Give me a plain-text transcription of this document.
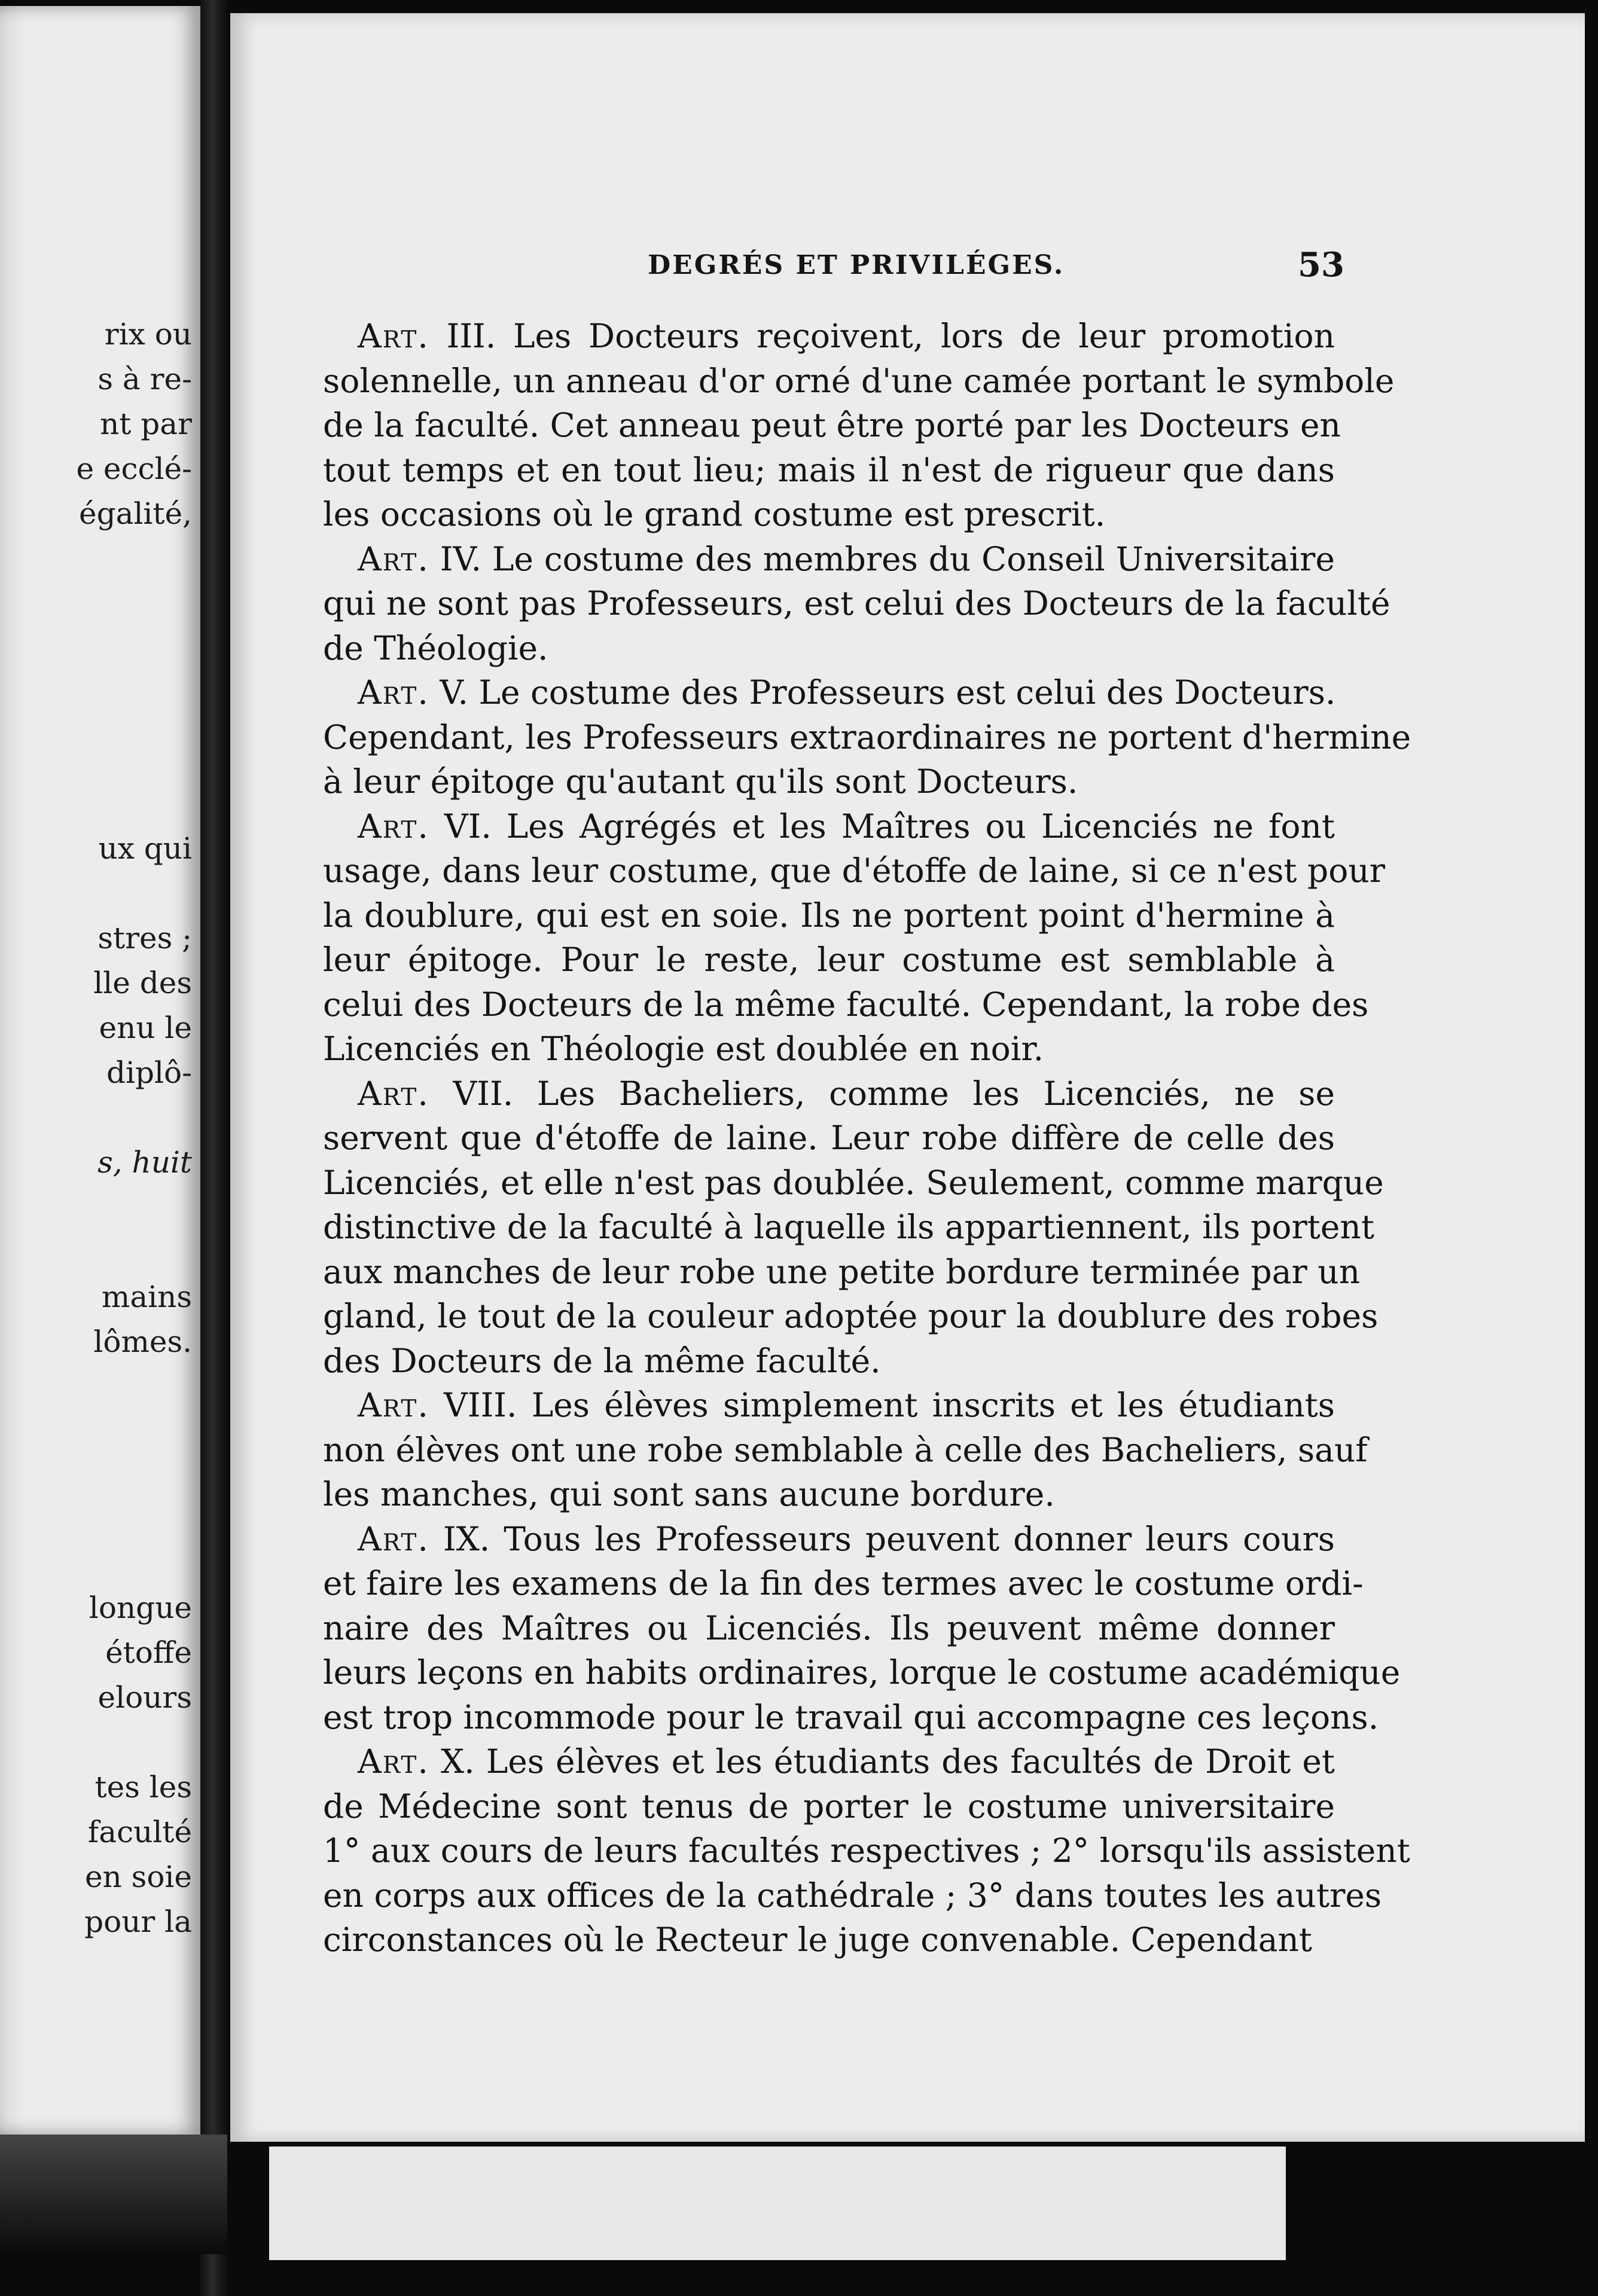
rix ou
s à re-
nt par
e ecclé-
égalité,
ux qui
stres ;
lle des
enu le
diplô-
s, huit
mains
lômes.
longue
étoffe
elours
tes les
faculté
en soie
pour la
DEGRÉS ET PRIVILÉGES.	53
Art. III. Les Docteurs reçoivent, lors de leur promotion
solennelle, un anneau d'or orné d'une camée portant le symbole
de la faculté. Cet anneau peut être porté par les Docteurs en
tout temps et en tout lieu; mais il n'est de rigueur que dans
les occasions où le grand costume est prescrit.
Art. IV. Le costume des membres du Conseil Universitaire
qui ne sont pas Professeurs, est celui des Docteurs de la faculté
de Théologie.
Art. V. Le costume des Professeurs est celui des Docteurs.
Cependant, les Professeurs extraordinaires ne portent d'hermine
à leur épitoge qu'autant qu'ils sont Docteurs.
Art. VI. Les Agrégés et les Maîtres ou Licenciés ne font
usage, dans leur costume, que d'étoffe de laine, si ce n'est pour
la doublure, qui est en soie. Ils ne portent point d'hermine à
leur épitoge. Pour le reste, leur costume est semblable à
celui des Docteurs de la même faculté. Cependant, la robe des
Licenciés en Théologie est doublée en noir.
Art. VII. Les Bacheliers, comme les Licenciés, ne se
servent que d'étoffe de laine. Leur robe diffère de celle des
Licenciés, et elle n'est pas doublée. Seulement, comme marque
distinctive de la faculté à laquelle ils appartiennent, ils portent
aux manches de leur robe une petite bordure terminée par un
gland, le tout de la couleur adoptée pour la doublure des robes
des Docteurs de la même faculté.
Art. VIII. Les élèves simplement inscrits et les étudiants
non élèves ont une robe semblable à celle des Bacheliers, sauf
les manches, qui sont sans aucune bordure.
Art. IX. Tous les Professeurs peuvent donner leurs cours
et faire les examens de la fin des termes avec le costume ordi-
naire des Maîtres ou Licenciés. Ils peuvent même donner
leurs leçons en habits ordinaires, lorque le costume académique
est trop incommode pour le travail qui accompagne ces leçons.
Art. X. Les élèves et les étudiants des facultés de Droit et
de Médecine sont tenus de porter le costume universitaire
1° aux cours de leurs facultés respectives ; 2° lorsqu'ils assistent
en corps aux offices de la cathédrale ; 3° dans toutes les autres
circonstances où le Recteur le juge convenable. Cependant
